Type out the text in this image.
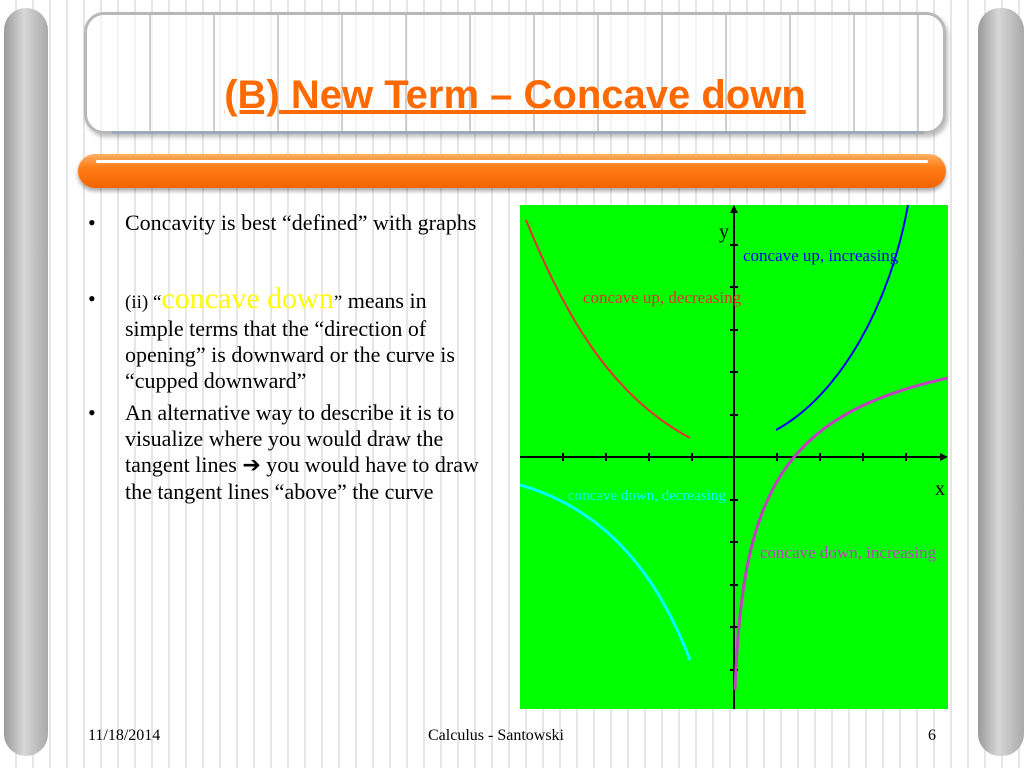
(B) New Term – Concave down
• Concavity is best “defined” with graphs
• (ii) “concave down” means in simple terms that the “direction of opening” is downward or the curve is “cupped downward”
• An alternative way to describe it is to visualize where you would draw the tangent lines ➔ you would have to draw the tangent lines “above” the curve
y
x
concave up, increasing
concave up, decreasing
concave down, decreasing
concave down, increasing
11/18/2014	Calculus - Santowski	6
